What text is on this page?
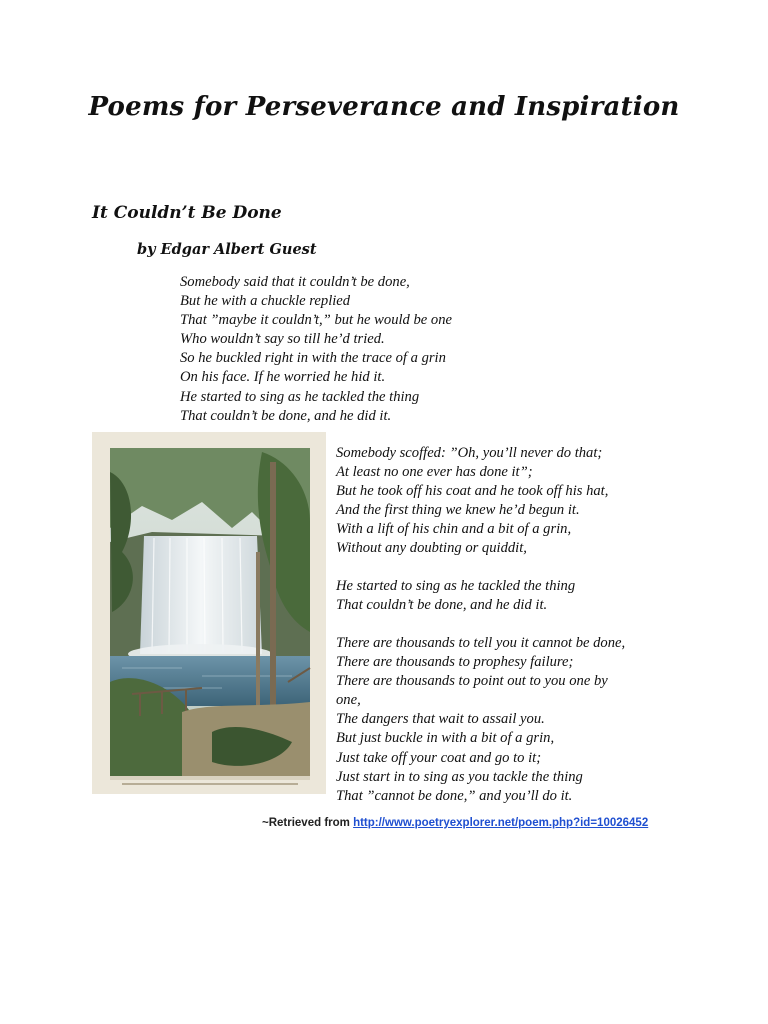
Poems for Perseverance and Inspiration
It Couldn’t Be Done
by Edgar Albert Guest
Somebody said that it couldn’t be done,
But he with a chuckle replied
That ”maybe it couldn’t,” but he would be one
Who wouldn’t say so till he’d tried.
So he buckled right in with the trace of a grin
On his face. If he worried he hid it.
He started to sing as he tackled the thing
That couldn’t be done, and he did it.
Somebody scoffed: ”Oh, you’ll never do that;
At least no one ever has done it”;
But he took off his coat and he took off his hat,
And the first thing we knew he’d begun it.
With a lift of his chin and a bit of a grin,
Without any doubting or quiddit,
He started to sing as he tackled the thing
That couldn’t be done, and he did it.
There are thousands to tell you it cannot be done,
There are thousands to prophesy failure;
There are thousands to point out to you one by
one,
The dangers that wait to assail you.
But just buckle in with a bit of a grin,
Just take off your coat and go to it;
Just start in to sing as you tackle the thing
That ”cannot be done,” and you’ll do it.
~Retrieved from http://www.poetryexplorer.net/poem.php?id=10026452
